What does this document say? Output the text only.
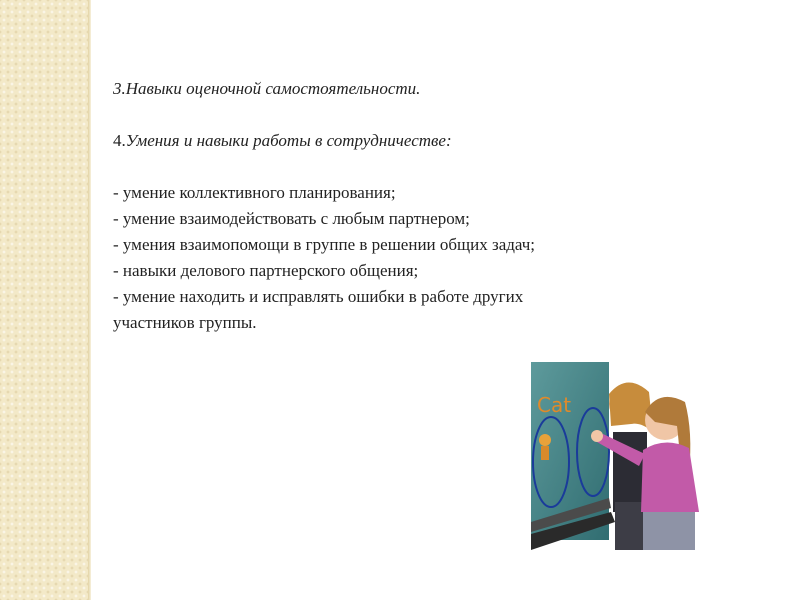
3.Навыки оценочной самостоятельности.

4.Умения и навыки работы в сотрудничестве:

- умение коллективного планирования;

- умение взаимодействовать с любым партнером;

- умения взаимопомощи в группе в решении общих задач;

- навыки делового партнерского общения;

- умение находить и исправлять ошибки в работе других

участников группы.

Cat
